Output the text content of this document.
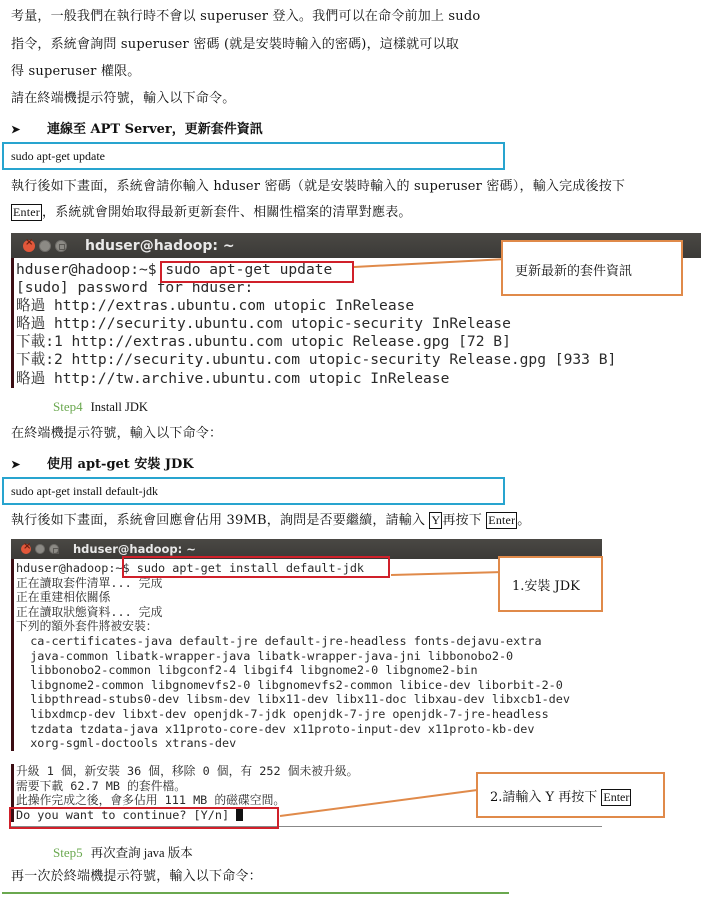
考量，一般我們在執行時不會以 superuser 登入。我們可以在命令前加上 sudo
指令，系統會詢問 superuser 密碼 (就是安裝時輸入的密碼)，這樣就可以取
得 superuser 權限。
請在終端機提示符號，輸入以下命令。
➤ 連線至 APT Server，更新套件資訊
sudo apt-get update
執行後如下畫面，系統會請你輸入 hduser 密碼（就是安裝時輸入的 superuser 密碼），輸入完成後按下
Enter ，系統就會開始取得最新更新套件、相關性檔案的清單對應表。
×
hduser@hadoop: ~
hduser@hadoop:~$ sudo apt-get update
[sudo] password for hduser:
略過 http://extras.ubuntu.com utopic InRelease
略過 http://security.ubuntu.com utopic-security InRelease
下載:1 http://extras.ubuntu.com utopic Release.gpg [72 B]
下載:2 http://security.ubuntu.com utopic-security Release.gpg [933 B]
略過 http://tw.archive.ubuntu.com utopic InRelease
更新最新的套件資訊
Step4 Install JDK
在終端機提示符號，輸入以下命令：
➤ 使用 apt-get 安裝 JDK
sudo apt-get install default-jdk
執行後如下畫面，系統會回應會佔用 39MB，詢問是否要繼續，請輸入 Y 再按下 Enter 。
×
hduser@hadoop: ~
hduser@hadoop:~$ sudo apt-get install default-jdk
正在讀取套件清單... 完成
正在重建相依關係
正在讀取狀態資料... 完成
下列的額外套件將被安裝：
ca-certificates-java default-jre default-jre-headless fonts-dejavu-extra
java-common libatk-wrapper-java libatk-wrapper-java-jni libbonobo2-0
libbonobo2-common libgconf2-4 libgif4 libgnome2-0 libgnome2-bin
libgnome2-common libgnomevfs2-0 libgnomevfs2-common libice-dev liborbit-2-0
libpthread-stubs0-dev libsm-dev libx11-dev libx11-doc libxau-dev libxcb1-dev
libxdmcp-dev libxt-dev openjdk-7-jdk openjdk-7-jre openjdk-7-jre-headless
tzdata tzdata-java x11proto-core-dev x11proto-input-dev x11proto-kb-dev
xorg-sgml-doctools xtrans-dev
升級 1 個，新安裝 36 個，移除 0 個，有 252 個未被升級。
需要下載 62.7 MB 的套件檔。
此操作完成之後，會多佔用 111 MB 的磁碟空間。
Do you want to continue? [Y/n]
1.安裝 JDK
2.請輸入 Y 再按下 Enter
Step5 再次查詢 java 版本
再一次於終端機提示符號，輸入以下命令：
